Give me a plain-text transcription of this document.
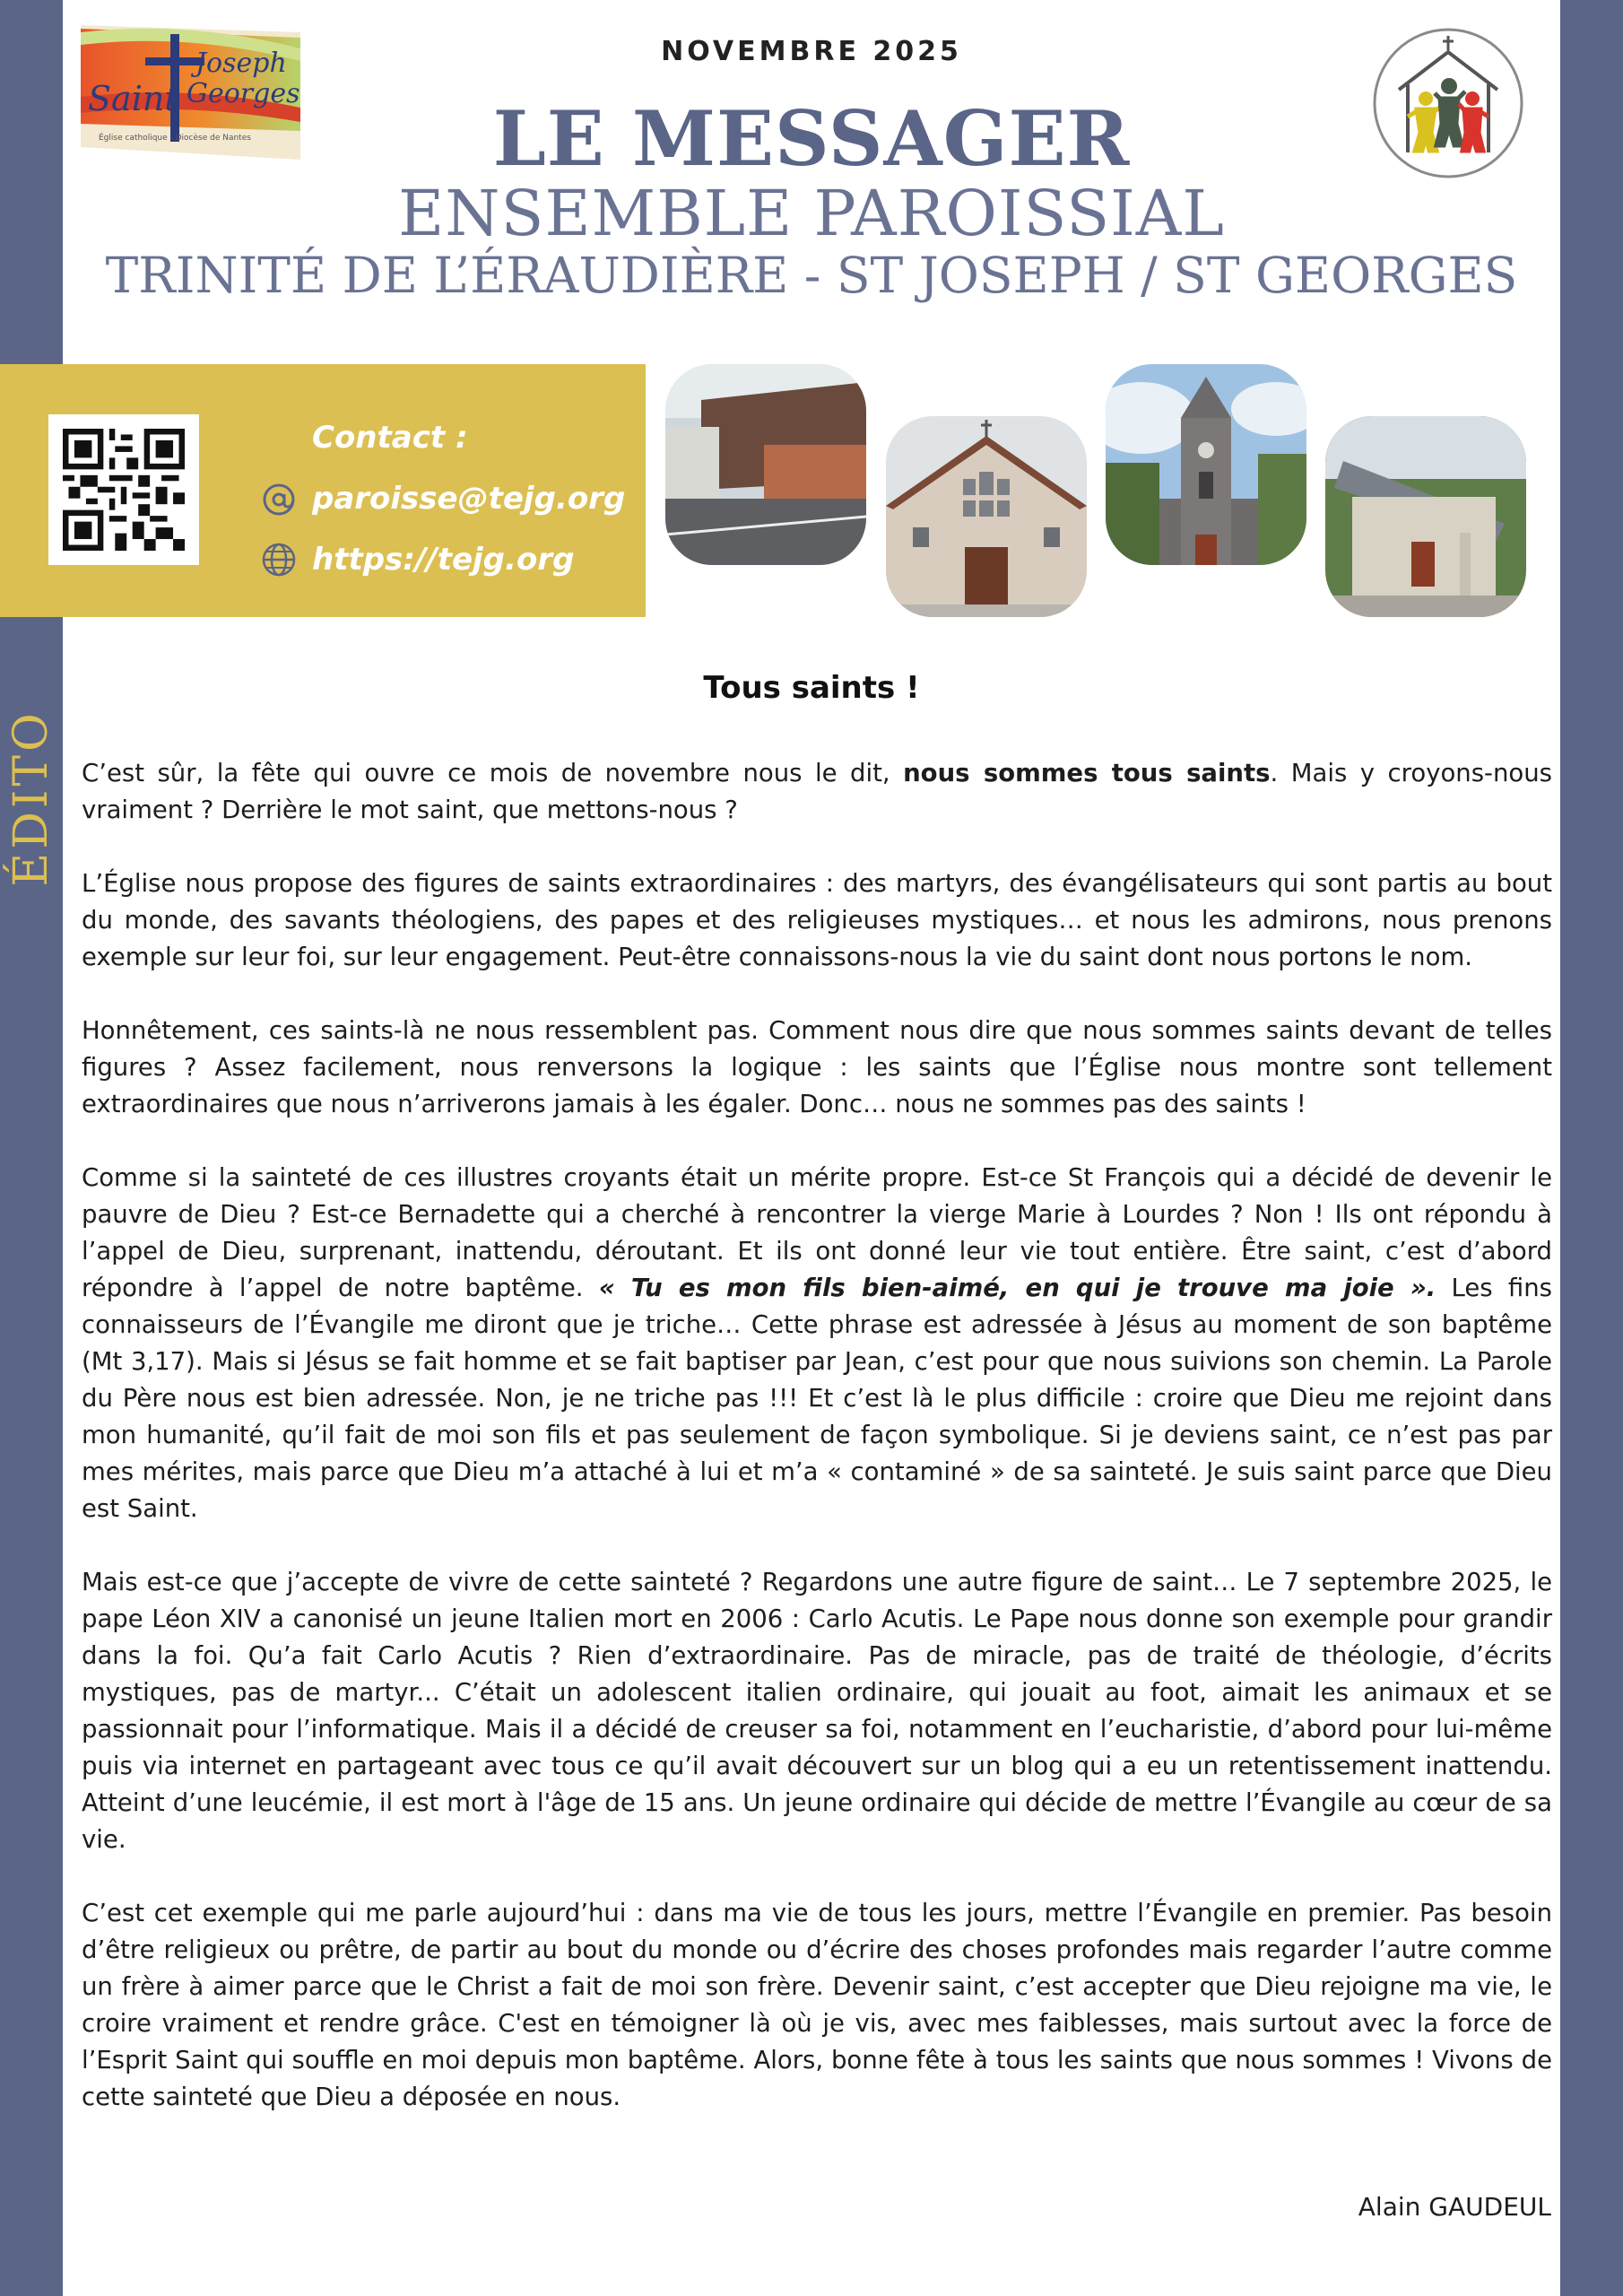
ÉDITO
Joseph
Saint Georges
Église catholique - Diocèse de Nantes
NOVEMBRE 2025
LE MESSAGER
ENSEMBLE PAROISSIAL
TRINITÉ DE L’ÉRAUDIÈRE - ST JOSEPH / ST GEORGES
Contact :
paroisse@tejg.org
https://tejg.org
Tous saints !

C’est sûr, la fête qui ouvre ce mois de novembre nous le dit, nous sommes tous saints. Mais y croyons-nous vraiment ? Derrière le mot saint, que mettons-nous ?

L’Église nous propose des figures de saints extraordinaires : des martyrs, des évangélisateurs qui sont partis au bout du monde, des savants théologiens, des papes et des religieuses mystiques… et nous les admirons, nous prenons exemple sur leur foi, sur leur engagement. Peut-être connaissons-nous la vie du saint dont nous portons le nom.

Honnêtement, ces saints-là ne nous ressemblent pas. Comment nous dire que nous sommes saints devant de telles figures ? Assez facilement, nous renversons la logique : les saints que l’Église nous montre sont tellement extraordinaires que nous n’arriverons jamais à les égaler. Donc… nous ne sommes pas des saints !

Comme si la sainteté de ces illustres croyants était un mérite propre. Est-ce St François qui a décidé de devenir le pauvre de Dieu ? Est-ce Bernadette qui a cherché à rencontrer la vierge Marie à Lourdes ? Non ! Ils ont répondu à l’appel de Dieu, surprenant, inattendu, déroutant. Et ils ont donné leur vie tout entière. Être saint, c’est d’abord répondre à l’appel de notre baptême. « Tu es mon fils bien-aimé, en qui je trouve ma joie ». Les fins connaisseurs de l’Évangile me diront que je triche… Cette phrase est adressée à Jésus au moment de son baptême (Mt 3,17). Mais si Jésus se fait homme et se fait baptiser par Jean, c’est pour que nous suivions son chemin. La Parole du Père nous est bien adressée. Non, je ne triche pas !!! Et c’est là le plus difficile : croire que Dieu me rejoint dans mon humanité, qu’il fait de moi son fils et pas seulement de façon symbolique. Si je deviens saint, ce n’est pas par mes mérites, mais parce que Dieu m’a attaché à lui et m’a « contaminé » de sa sainteté. Je suis saint parce que Dieu est Saint.

Mais est-ce que j’accepte de vivre de cette sainteté ? Regardons une autre figure de saint… Le 7 septembre 2025, le pape Léon XIV a canonisé un jeune Italien mort en 2006 : Carlo Acutis. Le Pape nous donne son exemple pour grandir dans la foi. Qu’a fait Carlo Acutis ? Rien d’extraordinaire. Pas de miracle, pas de traité de théologie, d’écrits mystiques, pas de martyr... C’était un adolescent italien ordinaire, qui jouait au foot, aimait les animaux et se passionnait pour l’informatique. Mais il a décidé de creuser sa foi, notamment en l’eucharistie, d’abord pour lui-même puis via internet en partageant avec tous ce qu’il avait découvert sur un blog qui a eu un retentissement inattendu. Atteint d’une leucémie, il est mort à l'âge de 15 ans. Un jeune ordinaire qui décide de mettre l’Évangile au cœur de sa vie.

C’est cet exemple qui me parle aujourd’hui : dans ma vie de tous les jours, mettre l’Évangile en premier. Pas besoin d’être religieux ou prêtre, de partir au bout du monde ou d’écrire des choses profondes mais regarder l’autre comme un frère à aimer parce que le Christ a fait de moi son frère. Devenir saint, c’est accepter que Dieu rejoigne ma vie, le croire vraiment et rendre grâce. C'est en témoigner là où je vis, avec mes faiblesses, mais surtout avec la force de l’Esprit Saint qui souffle en moi depuis mon baptême. Alors, bonne fête à tous les saints que nous sommes ! Vivons de cette sainteté que Dieu a déposée en nous.

Alain GAUDEUL
